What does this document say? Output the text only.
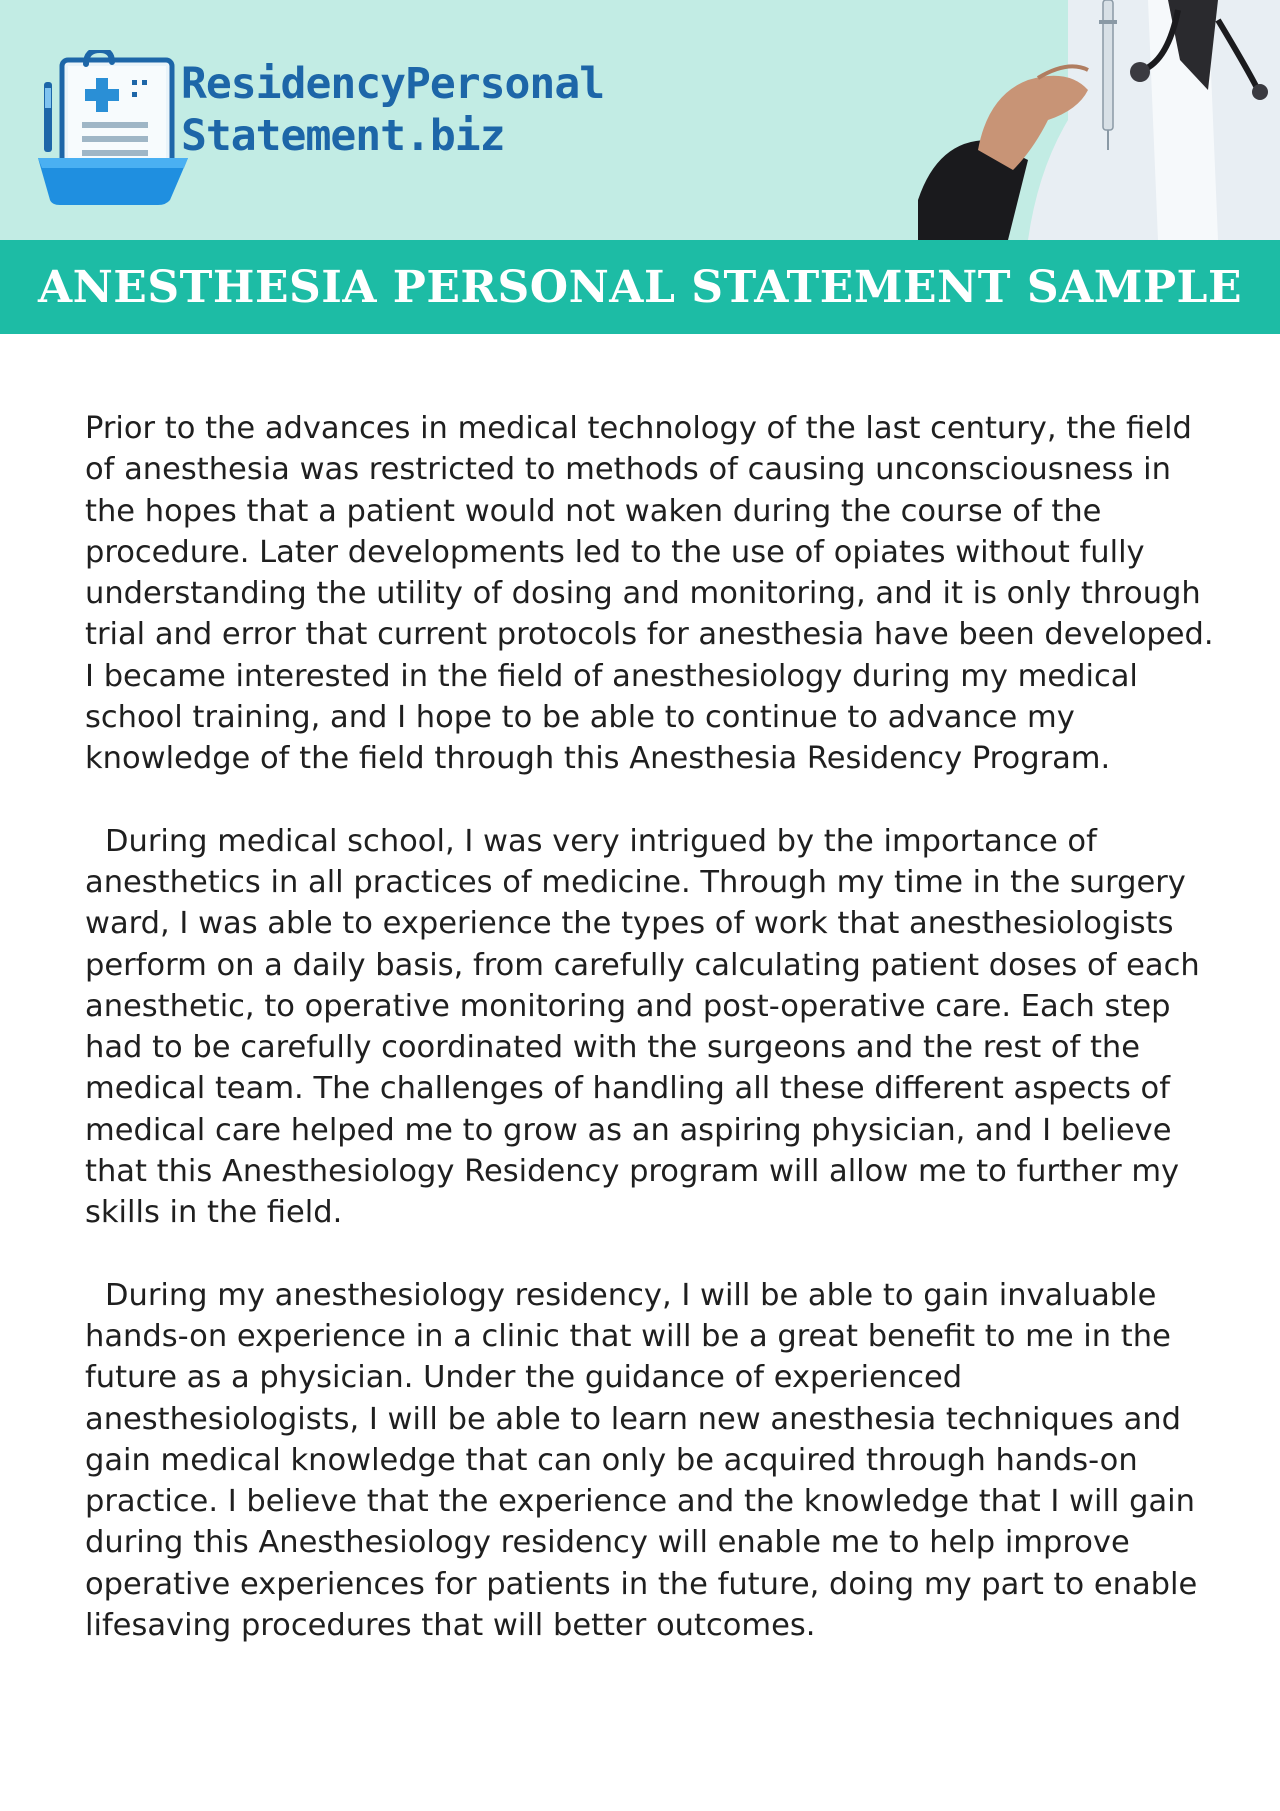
ResidencyPersonal
Statement.biz
ANESTHESIA PERSONAL STATEMENT SAMPLE

Prior to the advances in medical technology of the last century, the field of anesthesia was restricted to methods of causing unconsciousness in the hopes that a patient would not waken during the course of the procedure. Later developments led to the use of opiates without fully understanding the utility of dosing and monitoring, and it is only through trial and error that current protocols for anesthesia have been developed. I became interested in the field of anesthesiology during my medical school training, and I hope to be able to continue to advance my knowledge of the field through this Anesthesia Residency Program.

During medical school, I was very intrigued by the importance of anesthetics in all practices of medicine. Through my time in the surgery ward, I was able to experience the types of work that anesthesiologists perform on a daily basis, from carefully calculating patient doses of each anesthetic, to operative monitoring and post-operative care. Each step had to be carefully coordinated with the surgeons and the rest of the medical team. The challenges of handling all these different aspects of medical care helped me to grow as an aspiring physician, and I believe that this Anesthesiology Residency program will allow me to further my skills in the field.

During my anesthesiology residency, I will be able to gain invaluable hands-on experience in a clinic that will be a great benefit to me in the future as a physician. Under the guidance of experienced anesthesiologists, I will be able to learn new anesthesia techniques and gain medical knowledge that can only be acquired through hands-on practice. I believe that the experience and the knowledge that I will gain during this Anesthesiology residency will enable me to help improve operative experiences for patients in the future, doing my part to enable lifesaving procedures that will better outcomes.
